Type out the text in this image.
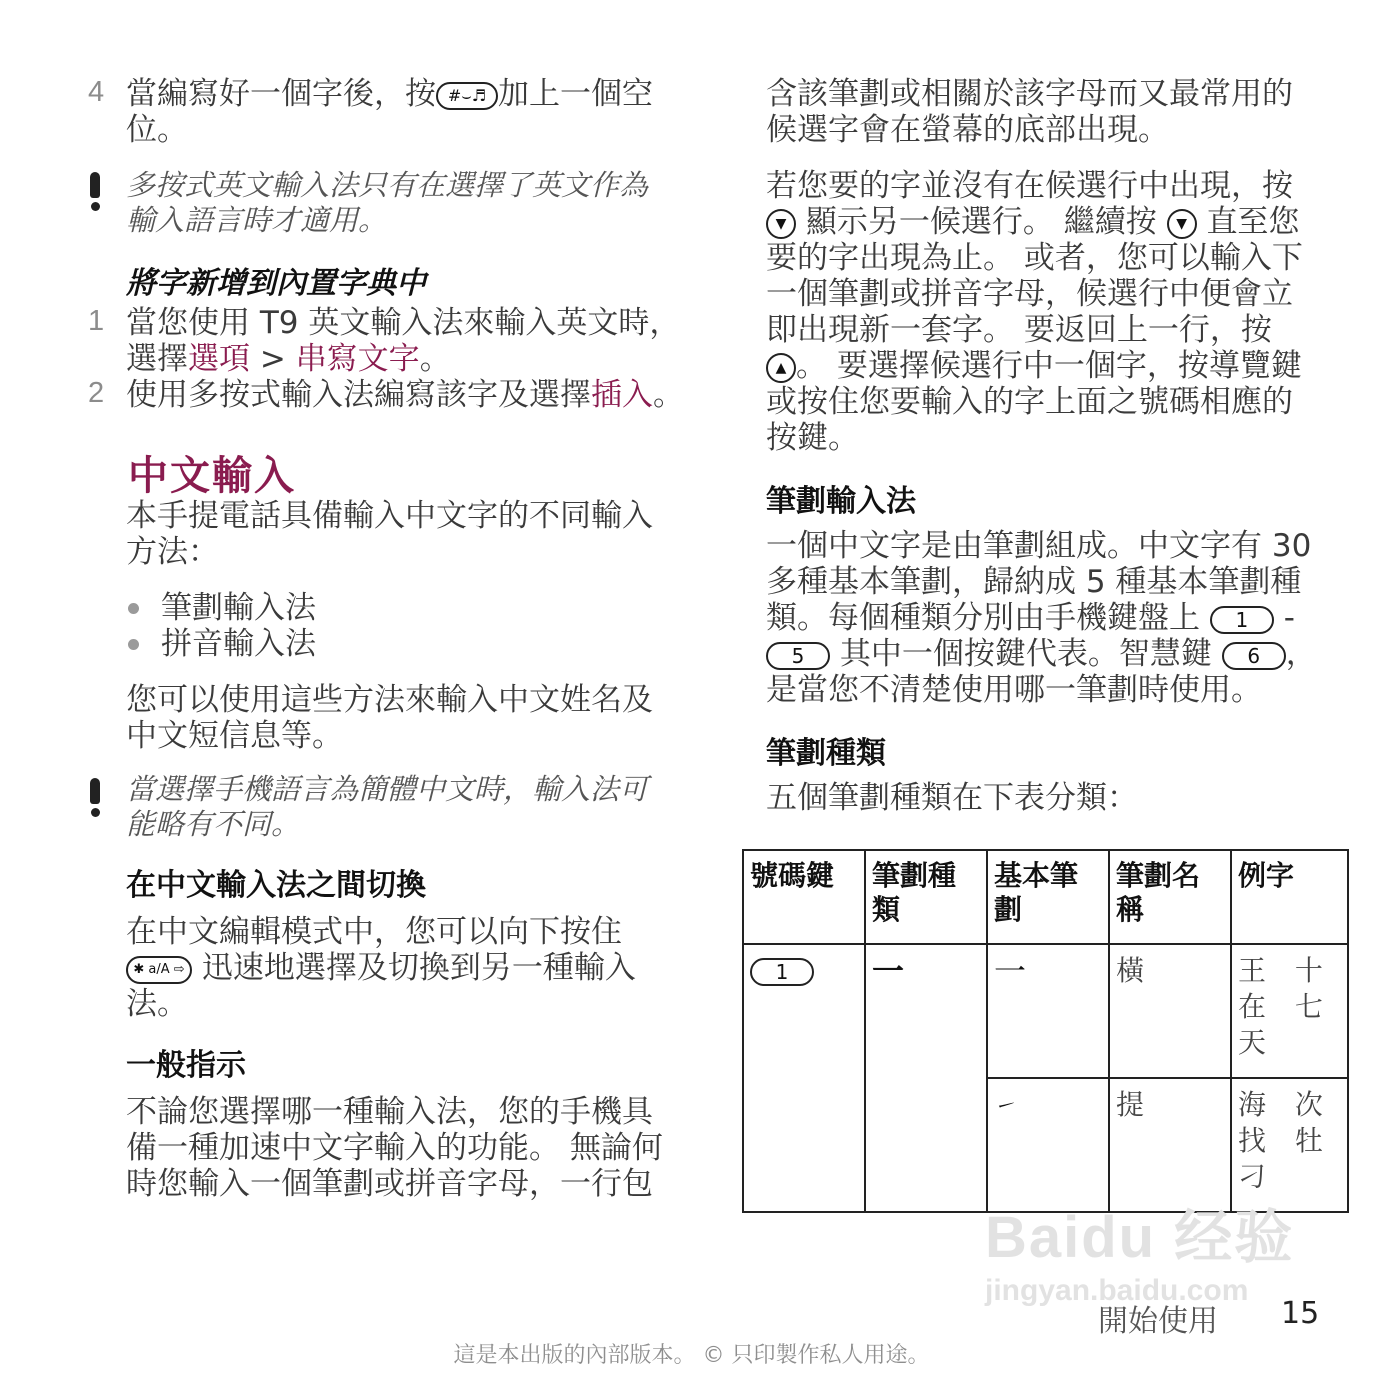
4 當編寫好一個字後，按 #⌣♬ 加上一個空
位。
多按式英文輸入法只有在選擇了英文作為
輸入語言時才適用。
將字新增到內置字典中
1 當您使用 T9 英文輸入法來輸入英文時，
選擇選項 > 串寫文字。
2 使用多按式輸入法編寫該字及選擇插入。
中文輸入
本手提電話具備輸入中文字的不同輸入
方法：
筆劃輸入法
拼音輸入法
您可以使用這些方法來輸入中文姓名及
中文短信息等。
當選擇手機語言為簡體中文時，輸入法可
能略有不同。
在中文輸入法之間切換
在中文編輯模式中，您可以向下按住
✱ a/A ⇨ 迅速地選擇及切換到另一種輸入
法。
一般指示
不論您選擇哪一種輸入法，您的手機具
備一種加速中文字輸入的功能。 無論何
時您輸入一個筆劃或拼音字母，一行包
含該筆劃或相關於該字母而又最常用的
候選字會在螢幕的底部出現。
若您要的字並沒有在候選行中出現，按
▼ 顯示另一候選行。 繼續按 ▼ 直至您
要的字出現為止。 或者，您可以輸入下
一個筆劃或拼音字母，候選行中便會立
即出現新一套字。 要返回上一行，按
▲ 。 要選擇候選行中一個字，按導覽鍵
或按住您要輸入的字上面之號碼相應的
按鍵。
筆劃輸入法
一個中文字是由筆劃組成。中文字有 30
多種基本筆劃，歸納成 5 種基本筆劃種
類。每個種類分別由手機鍵盤上 1 -
5 其中一個按鍵代表。智慧鍵 6 ，
是當您不清楚使用哪一筆劃時使用。
筆劃種類
五個筆劃種類在下表分類：
號碼鍵	筆劃種類	基本筆劃	筆劃名稱	例字
1	一	一	橫	王 十
在 七
天

		㇀	提	海 次
找 牡
刁
Baidu 经验
jingyan.baidu.com
開始使用 15
這是本出版的內部版本。 © 只印製作私人用途。
